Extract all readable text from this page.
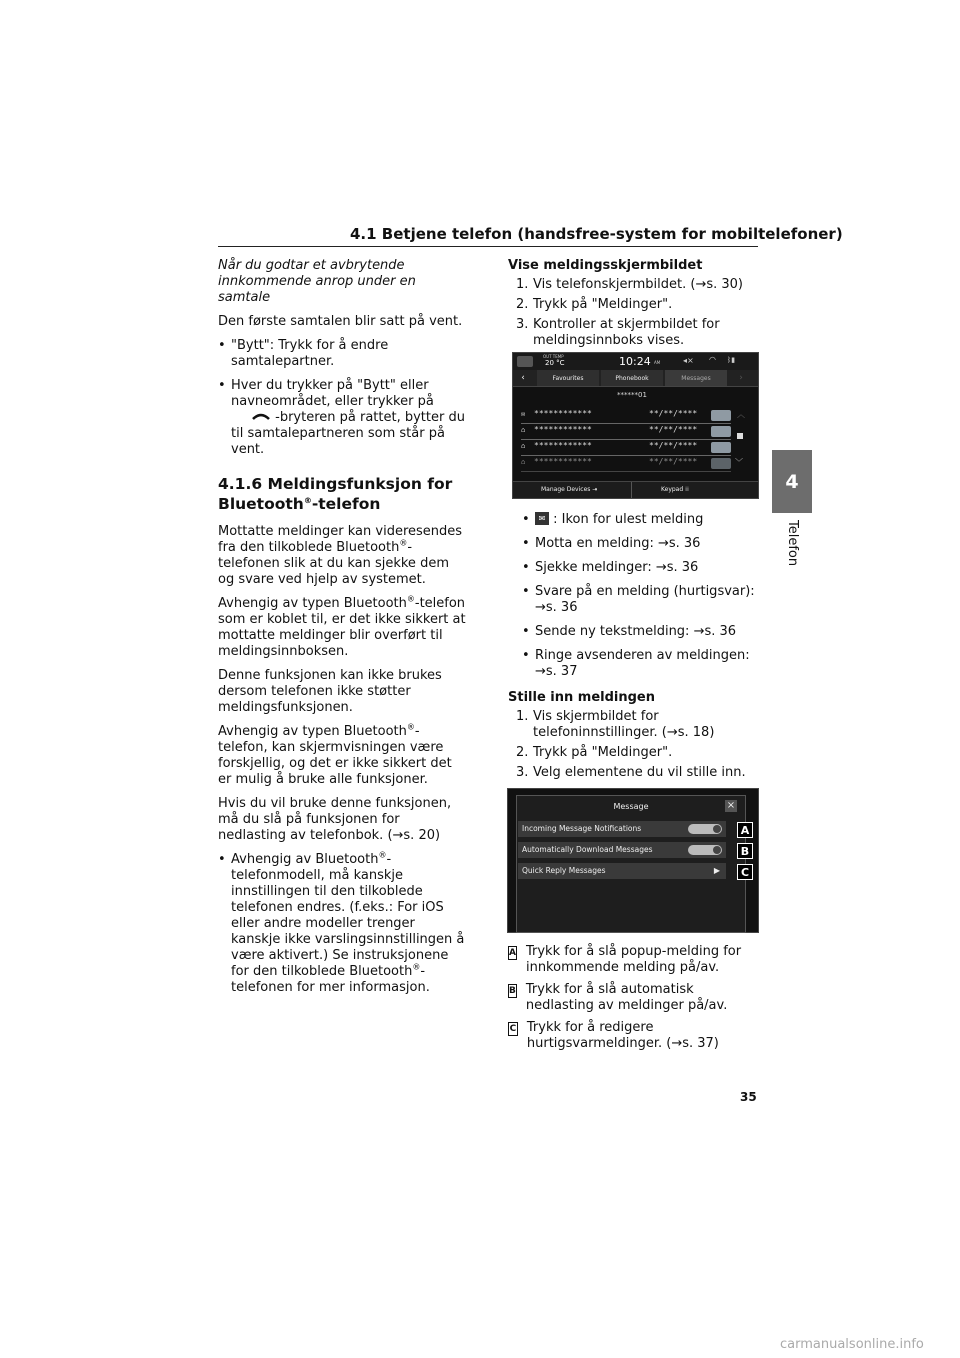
4.1 Betjene telefon (handsfree-system for mobiltelefoner)
4
Telefon

Når du godtar et avbrytende innkommende anrop under en samtale

Den første samtalen blir satt på vent.

• "Bytt": Trykk for å endre samtalepartner.

• Hver du trykker på "Bytt" eller navneområdet, eller trykker på

-bryteren på rattet, bytter du til samtalepartneren som står på vent.

4.1.6 Meldingsfunksjon for
Bluetooth®-telefon

Mottatte meldinger kan videresendes fra den tilkoblede Bluetooth®-telefonen slik at du kan sjekke dem og svare ved hjelp av systemet.

Avhengig av typen Bluetooth®-telefon som er koblet til, er det ikke sikkert at mottatte meldinger blir overført til meldingsinnboksen.

Denne funksjonen kan ikke brukes dersom telefonen ikke støtter meldingsfunksjonen.

Avhengig av typen Bluetooth®-telefon, kan skjermvisningen være forskjellig, og det er ikke sikkert det er mulig å bruke alle funksjoner.

Hvis du vil bruke denne funksjonen, må du slå på funksjonen for nedlasting av telefonbok. (→s. 20)

• Avhengig av Bluetooth®-telefonmodell, må kanskje innstillingen til den tilkoblede telefonen endres. (f.eks.: For iOS eller andre modeller trenger kanskje ikke varslingsinnstillingen å være aktivert.) Se instruksjonene for den tilkoblede Bluetooth®-telefonen for mer informasjon.

Vise meldingsskjermbildet

1. Vis telefonskjermbildet. (→s. 30)

2. Trykk på "Meldinger".

3. Kontroller at skjermbildet for meldingsinnboks vises.

OUT TEMP
20 °C	10:24 AM	◂× ◠ ᛒ▮
‹	Favourites	Phonebook	Messages	›
******01
✉ ************	**/**/****
⌂ ************	**/**/****
⌂ ************	**/**/****
⌂ ************	**/**/****
︿
﹀
Manage Devices ⇥	Keypad ⁞⁞

• ✉ : Ikon for ulest melding

• Motta en melding: →s. 36

• Sjekke meldinger: →s. 36

• Svare på en melding (hurtigsvar): →s. 36

• Sende ny tekstmelding: →s. 36

• Ringe avsenderen av meldingen: →s. 37

Stille inn meldingen

1. Vis skjermbildet for telefoninnstillinger. (→s. 18)

2. Trykk på "Meldinger".

3. Velg elementene du vil stille inn.

Message	×
Incoming Message Notifications
Automatically Download Messages
Quick Reply Messages	▶
A
B
C
A Trykk for å slå popup-melding for innkommende melding på/av.
B Trykk for å slå automatisk nedlasting av meldinger på/av.
C Trykk for å redigere hurtigsvarmeldinger. (→s. 37)
35
carmanualsonline.info
